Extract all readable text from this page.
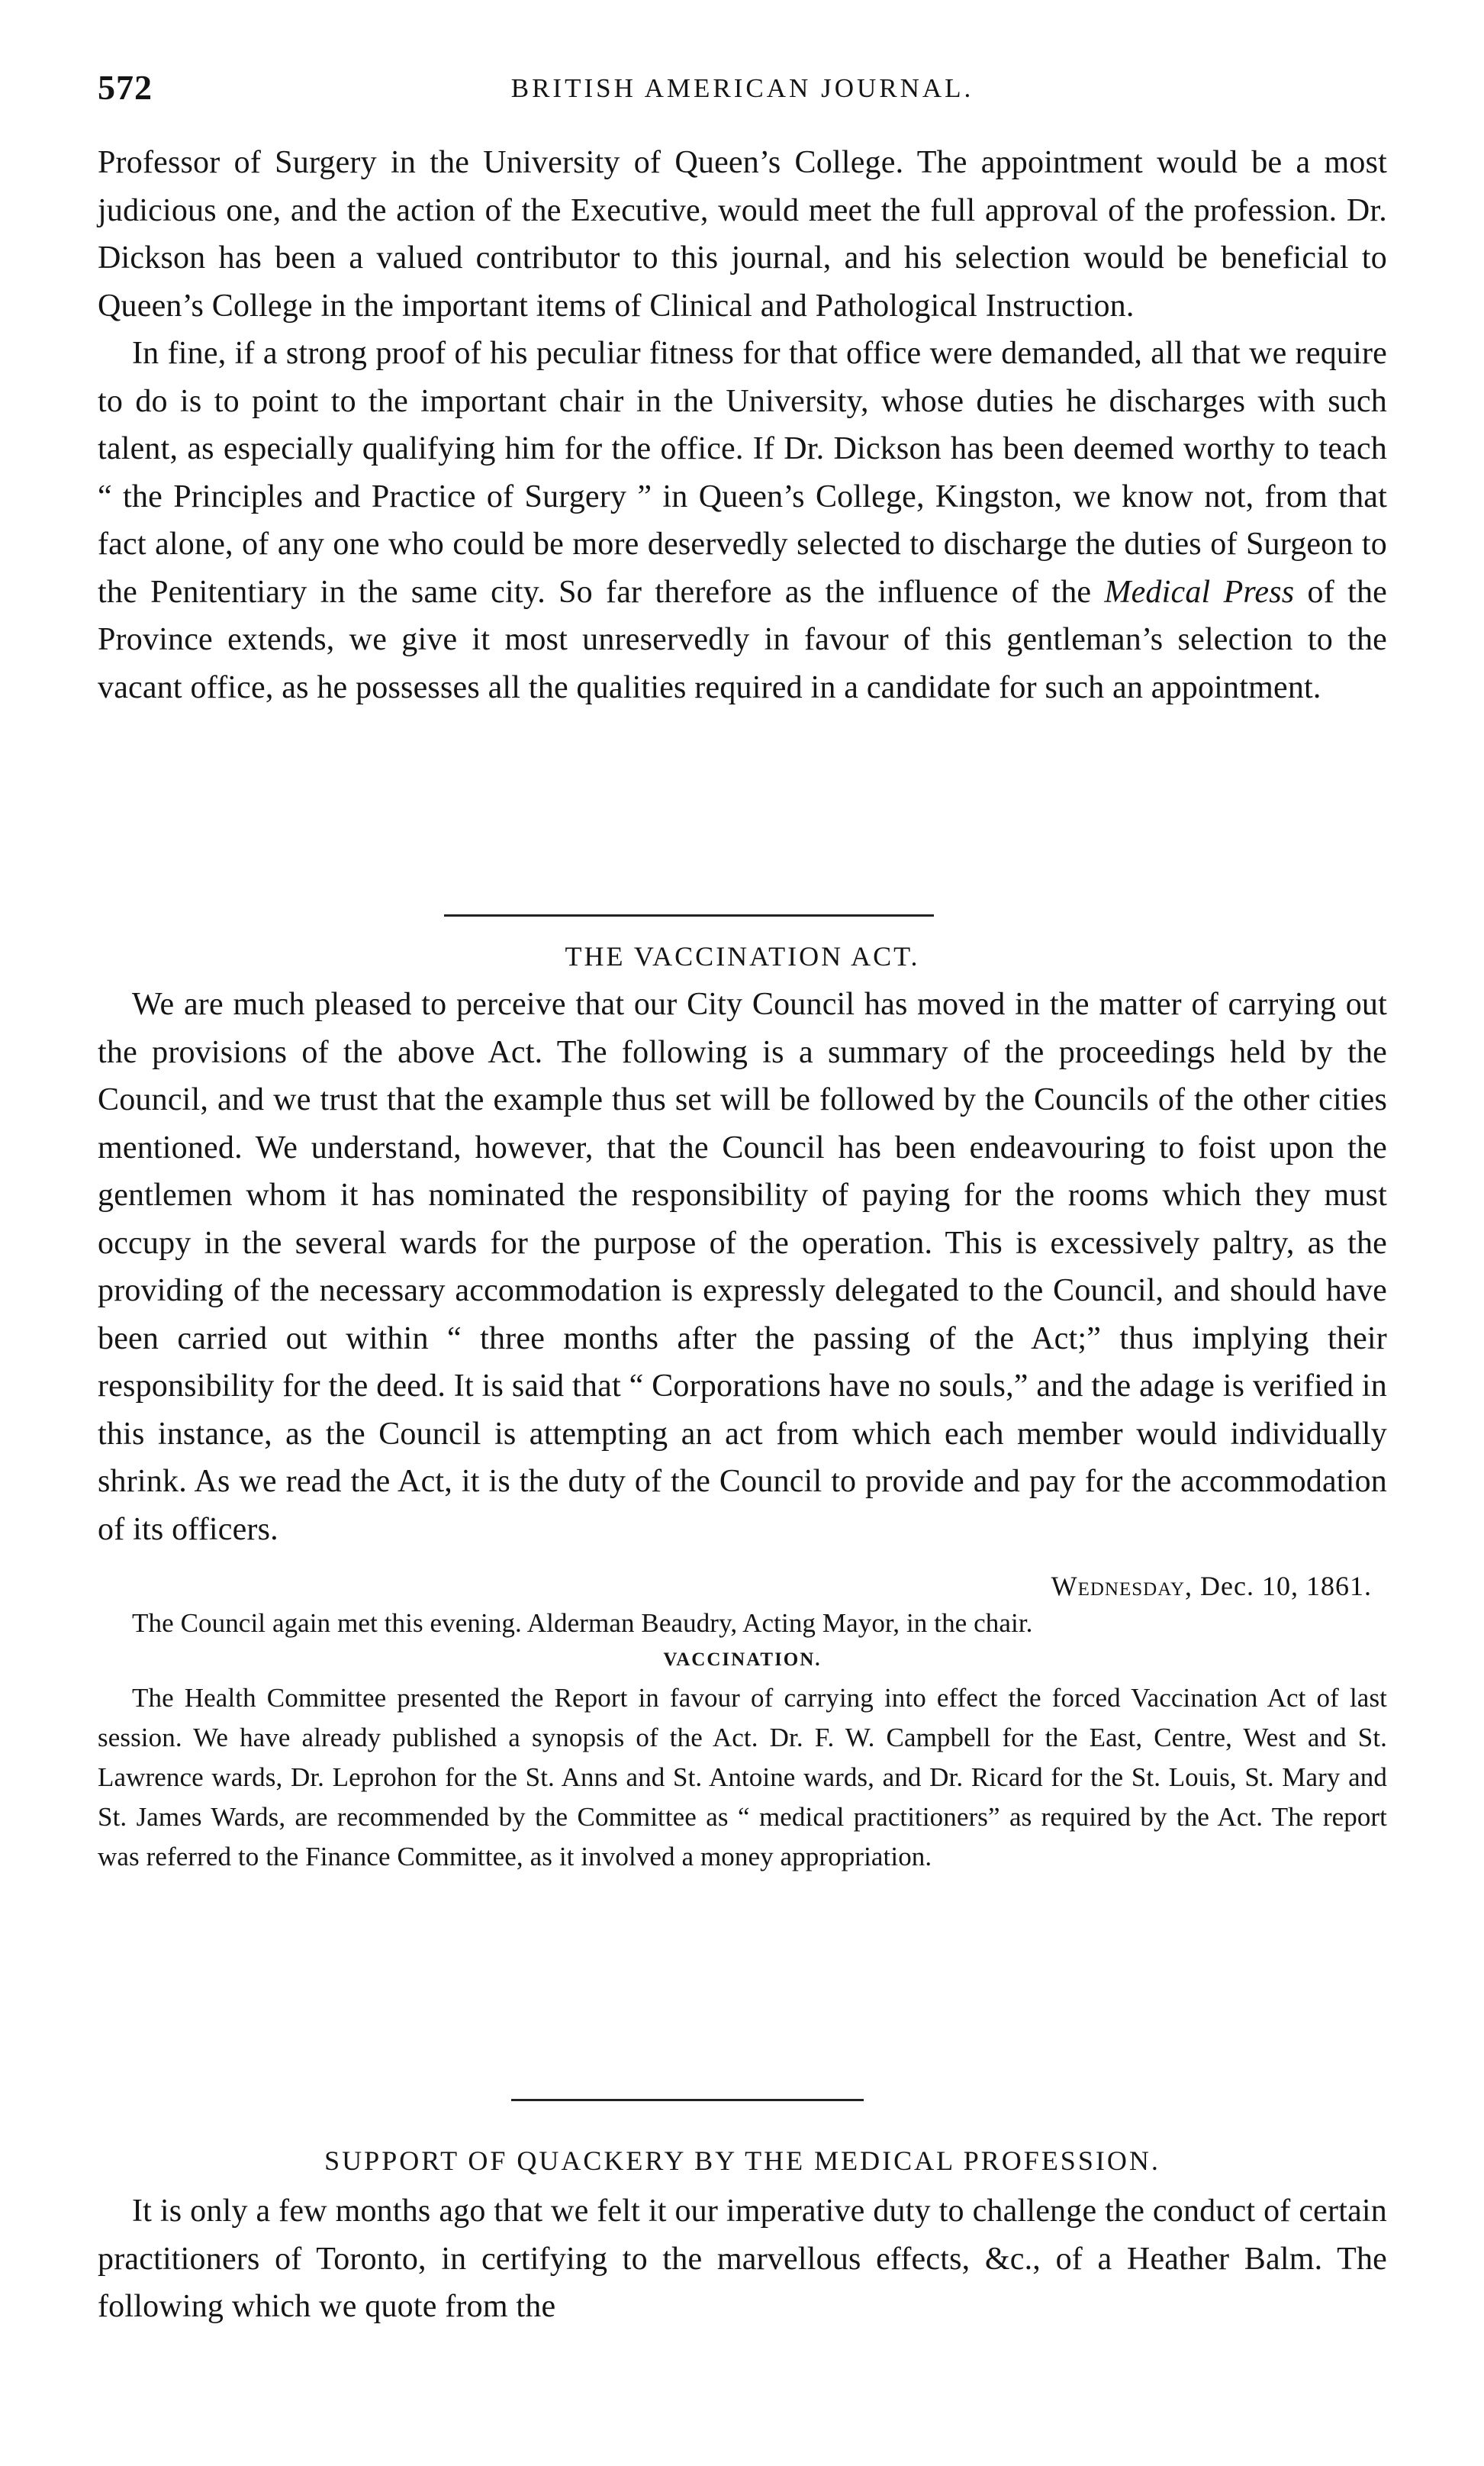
572	BRITISH AMERICAN JOURNAL.

Professor of Surgery in the University of Queen’s College. The appointment would be a most judicious one, and the action of the Executive, would meet the full approval of the profession. Dr. Dickson has been a valued contributor to this journal, and his selection would be beneficial to Queen’s College in the important items of Clinical and Pathological Instruction.

In fine, if a strong proof of his peculiar fitness for that office were demanded, all that we require to do is to point to the important chair in the University, whose duties he discharges with such talent, as especially qualifying him for the office. If Dr. Dickson has been deemed worthy to teach “ the Principles and Practice of Surgery ” in Queen’s College, Kingston, we know not, from that fact alone, of any one who could be more deservedly selected to discharge the duties of Surgeon to the Penitentiary in the same city. So far therefore as the influence of the Medical Press of the Province extends, we give it most unreservedly in favour of this gentleman’s selection to the vacant office, as he possesses all the qualities required in a candidate for such an appointment.

THE VACCINATION ACT.

We are much pleased to perceive that our City Council has moved in the matter of carrying out the provisions of the above Act. The following is a summary of the proceedings held by the Council, and we trust that the example thus set will be followed by the Councils of the other cities mentioned. We understand, however, that the Council has been endeavouring to foist upon the gentlemen whom it has nominated the responsibility of paying for the rooms which they must occupy in the several wards for the purpose of the operation. This is excessively paltry, as the providing of the necessary accommodation is expressly delegated to the Council, and should have been carried out within “ three months after the passing of the Act;” thus implying their responsibility for the deed. It is said that “ Corporations have no souls,” and the adage is verified in this instance, as the Council is attempting an act from which each member would individually shrink. As we read the Act, it is the duty of the Council to provide and pay for the accommodation of its officers.

Wednesday, Dec. 10, 1861.

The Council again met this evening. Alderman Beaudry, Acting Mayor, in the chair.

VACCINATION.

The Health Committee presented the Report in favour of carrying into effect the forced Vaccination Act of last session. We have already published a synopsis of the Act. Dr. F. W. Campbell for the East, Centre, West and St. Lawrence wards, Dr. Leprohon for the St. Anns and St. Antoine wards, and Dr. Ricard for the St. Louis, St. Mary and St. James Wards, are recommended by the Committee as “ medical practitioners” as required by the Act. The report was referred to the Finance Committee, as it involved a money appropriation.

SUPPORT OF QUACKERY BY THE MEDICAL PROFESSION.

It is only a few months ago that we felt it our imperative duty to challenge the conduct of certain practitioners of Toronto, in certifying to the marvellous effects, &c., of a Heather Balm. The following which we quote from the
